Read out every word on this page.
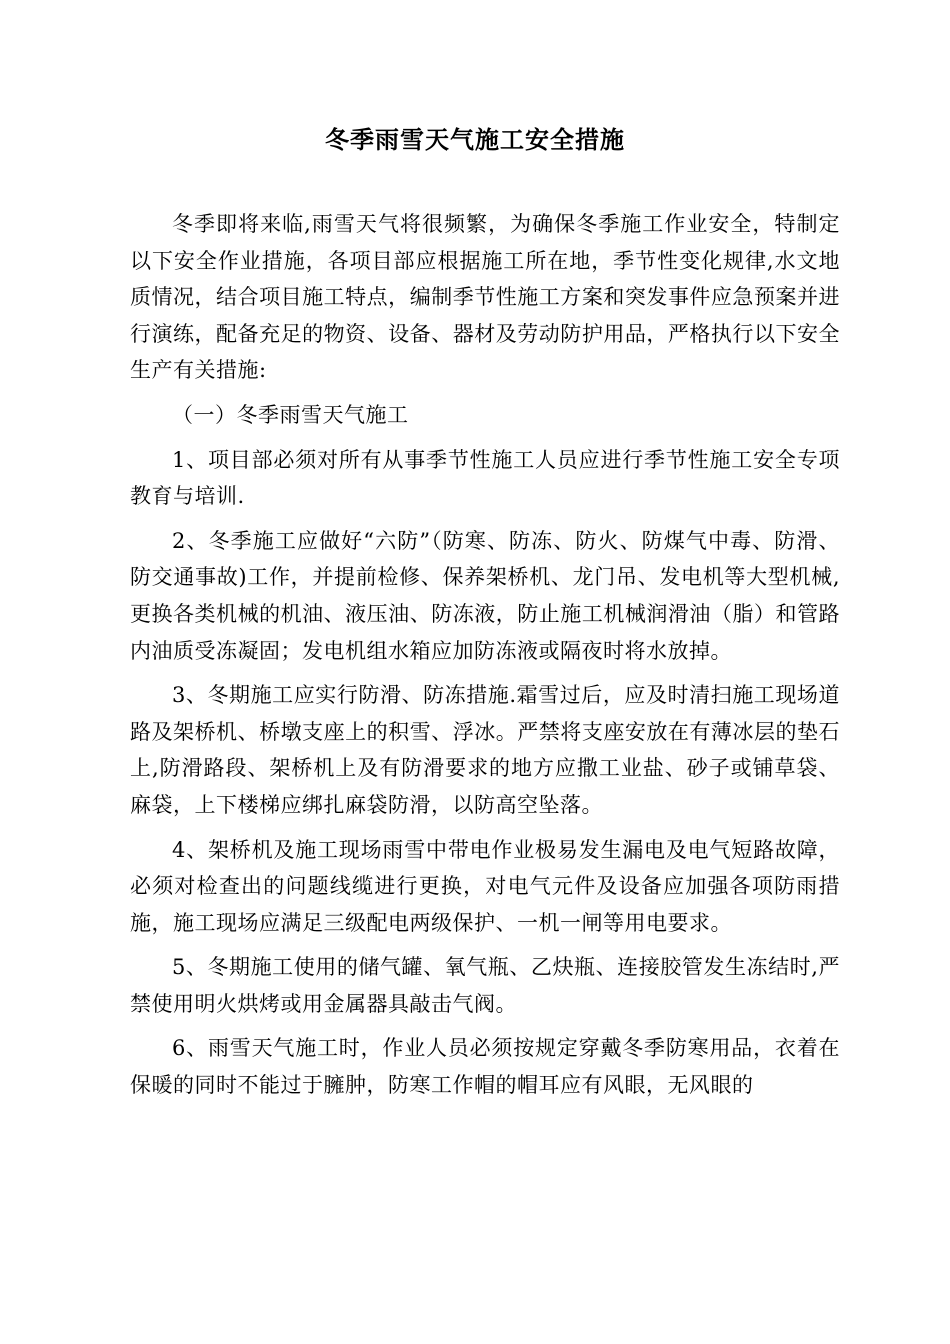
冬季雨雪天气施工安全措施

冬季即将来临,雨雪天气将很频繁，为确保冬季施工作业安全，特制定以下安全作业措施，各项目部应根据施工所在地，季节性变化规律,水文地质情况，结合项目施工特点，编制季节性施工方案和突发事件应急预案并进行演练，配备充足的物资、设备、器材及劳动防护用品，严格执行以下安全生产有关措施:

（一）冬季雨雪天气施工

1、项目部必须对所有从事季节性施工人员应进行季节性施工安全专项教育与培训.

2、冬季施工应做好“六防”（防寒、防冻、防火、防煤气中毒、防滑、防交通事故)工作，并提前检修、保养架桥机、龙门吊、发电机等大型机械,更换各类机械的机油、液压油、防冻液，防止施工机械润滑油（脂）和管路内油质受冻凝固；发电机组水箱应加防冻液或隔夜时将水放掉。

3、冬期施工应实行防滑、防冻措施.霜雪过后，应及时清扫施工现场道路及架桥机、桥墩支座上的积雪、浮冰。严禁将支座安放在有薄冰层的垫石上,防滑路段、架桥机上及有防滑要求的地方应撒工业盐、砂子或铺草袋、麻袋，上下楼梯应绑扎麻袋防滑，以防高空坠落。

4、架桥机及施工现场雨雪中带电作业极易发生漏电及电气短路故障，必须对检查出的问题线缆进行更换，对电气元件及设备应加强各项防雨措施，施工现场应满足三级配电两级保护、一机一闸等用电要求。

5、冬期施工使用的储气罐、氧气瓶、乙炔瓶、连接胶管发生冻结时,严禁使用明火烘烤或用金属器具敲击气阀。

6、雨雪天气施工时，作业人员必须按规定穿戴冬季防寒用品，衣着在保暖的同时不能过于臃肿，防寒工作帽的帽耳应有风眼，无风眼的
